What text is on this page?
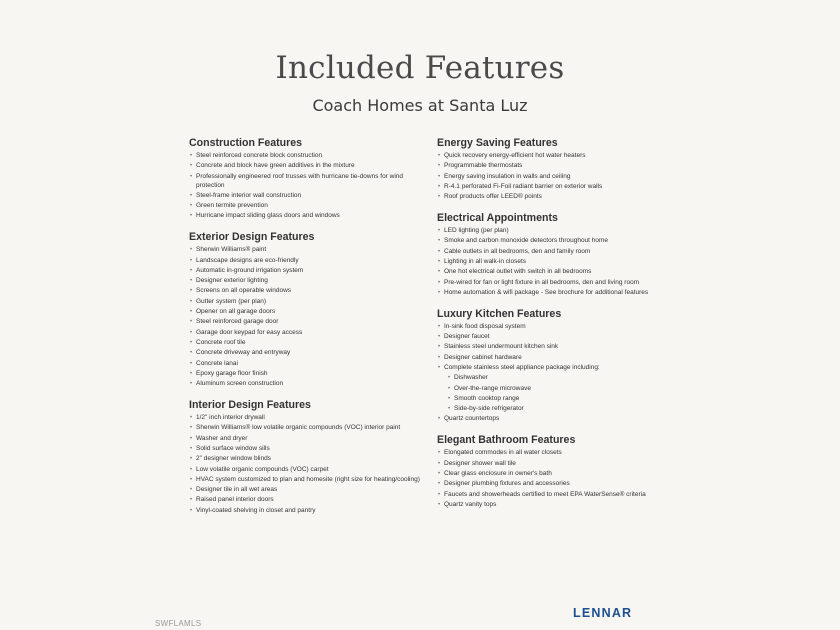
Included Features
Coach Homes at Santa Luz
Construction Features
• Steel reinforced concrete block construction
• Concrete and block have green additives in the mixture
• Professionally engineered roof trusses with hurricane tie-downs for wind protection
• Steel-frame interior wall construction
• Green termite prevention
• Hurricane impact sliding glass doors and windows
Exterior Design Features
• Sherwin Williams® paint
• Landscape designs are eco-friendly
• Automatic in-ground irrigation system
• Designer exterior lighting
• Screens on all operable windows
• Gutter system (per plan)
• Opener on all garage doors
• Steel reinforced garage door
• Garage door keypad for easy access
• Concrete roof tile
• Concrete driveway and entryway
• Concrete lanai
• Epoxy garage floor finish
• Aluminum screen construction
Interior Design Features
• 1/2" inch interior drywall
• Sherwin Williams® low volatile organic compounds (VOC) interior paint
• Washer and dryer
• Solid surface window sills
• 2" designer window blinds
• Low volatile organic compounds (VOC) carpet
• HVAC system customized to plan and homesite (right size for heating/cooling)
• Designer tile in all wet areas
• Raised panel interior doors
• Vinyl-coated shelving in closet and pantry
Energy Saving Features
• Quick recovery energy-efficient hot water heaters
• Programmable thermostats
• Energy saving insulation in walls and ceiling
• R-4.1 perforated Fi-Foil radiant barrier on exterior walls
• Roof products offer LEED® points
Electrical Appointments
• LED lighting (per plan)
• Smoke and carbon monoxide detectors throughout home
• Cable outlets in all bedrooms, den and family room
• Lighting in all walk-in closets
• One hot electrical outlet with switch in all bedrooms
• Pre-wired for fan or light fixture in all bedrooms, den and living room
• Home automation & wifi package - See brochure for additional features
Luxury Kitchen Features
• In-sink food disposal system
• Designer faucet
• Stainless steel undermount kitchen sink
• Designer cabinet hardware
• Complete stainless steel appliance package including:
• Dishwasher
• Over-the-range microwave
• Smooth cooktop range
• Side-by-side refrigerator
• Quartz countertops
Elegant Bathroom Features
• Elongated commodes in all water closets
• Designer shower wall tile
• Clear glass enclosure in owner's bath
• Designer plumbing fixtures and accessories
• Faucets and showerheads certified to meet EPA WaterSense® criteria
• Quartz vanity tops
SWFLAMLS
LENNAR
